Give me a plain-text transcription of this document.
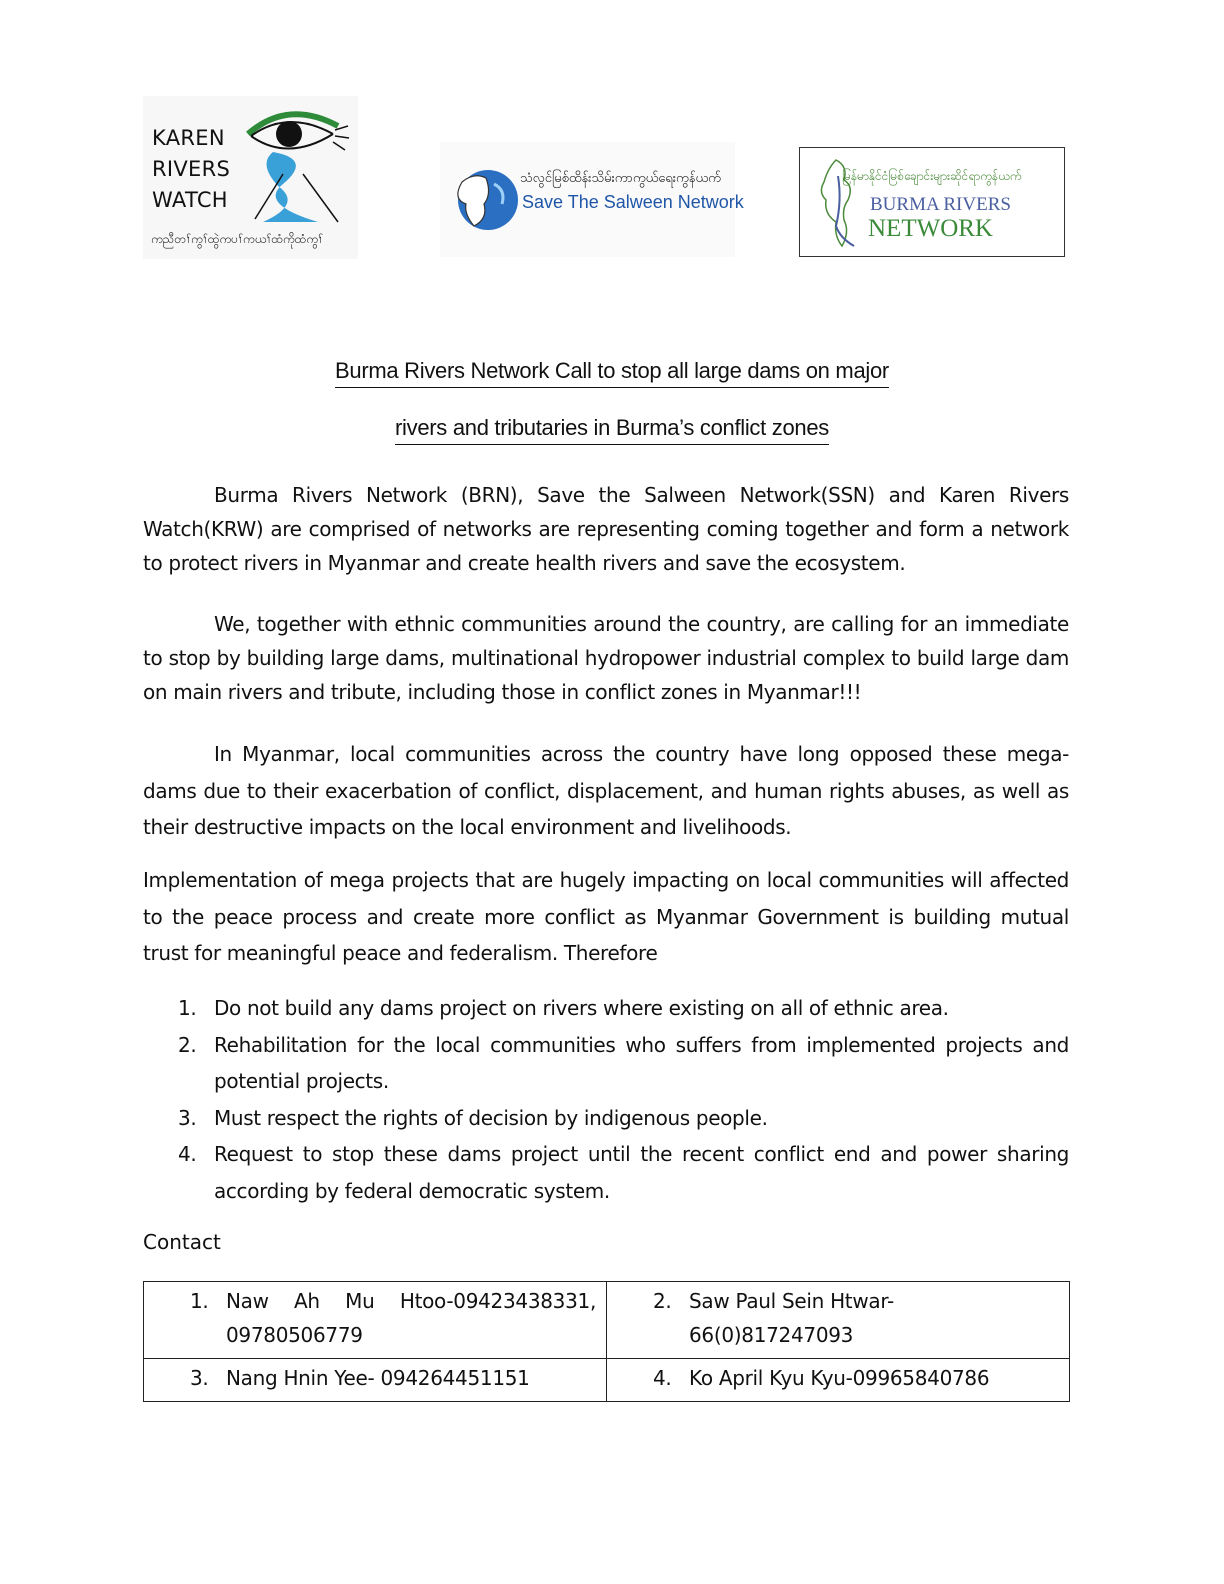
KAREN
RIVERS
WATCH
ကညီတၢ်ကွၢ်ထွဲကပၢ်ကယၢ်ထံကိုထံကွၢ်
သံလွင်မြစ်ထိန်းသိမ်းကာကွယ်ရေးကွန်ယက်
Save The Salween Network
မြန်မာနိုင်ငံမြစ်ချောင်းများဆိုင်ရာကွန်ယက်
BURMA RIVERS
NETWORK
Burma Rivers Network Call to stop all large dams on major
rivers and tributaries in Burma’s conflict zones

Burma Rivers Network (BRN), Save the Salween Network(SSN) and Karen Rivers Watch(KRW) are comprised of networks are representing coming together and form a network to protect rivers in Myanmar and create health rivers and save the ecosystem.

We, together with ethnic communities around the country, are calling for an immediate to stop by building large dams, multinational hydropower industrial complex to build large dam on main rivers and tribute, including those in conflict zones in Myanmar!!!

In Myanmar, local communities across the country have long opposed these mega-dams due to their exacerbation of conflict, displacement, and human rights abuses, as well as their destructive impacts on the local environment and livelihoods.

Implementation of mega projects that are hugely impacting on local communities will affected to the peace process and create more conflict as Myanmar Government is building mutual trust for meaningful peace and federalism. Therefore

1. Do not build any dams project on rivers where existing on all of ethnic area.
2. Rehabilitation for the local communities who suffers from implemented projects and potential projects.
3. Must respect the rights of decision by indigenous people.
4. Request to stop these dams project until the recent conflict end and power sharing according by federal democratic system.
Contact
1. Naw Ah Mu Htoo-09423438331, 09780506779	2. Saw Paul Sein Htwar- 66(0)817247093

3. Nang Hnin Yee- 094264451151	4. Ko April Kyu Kyu-09965840786
